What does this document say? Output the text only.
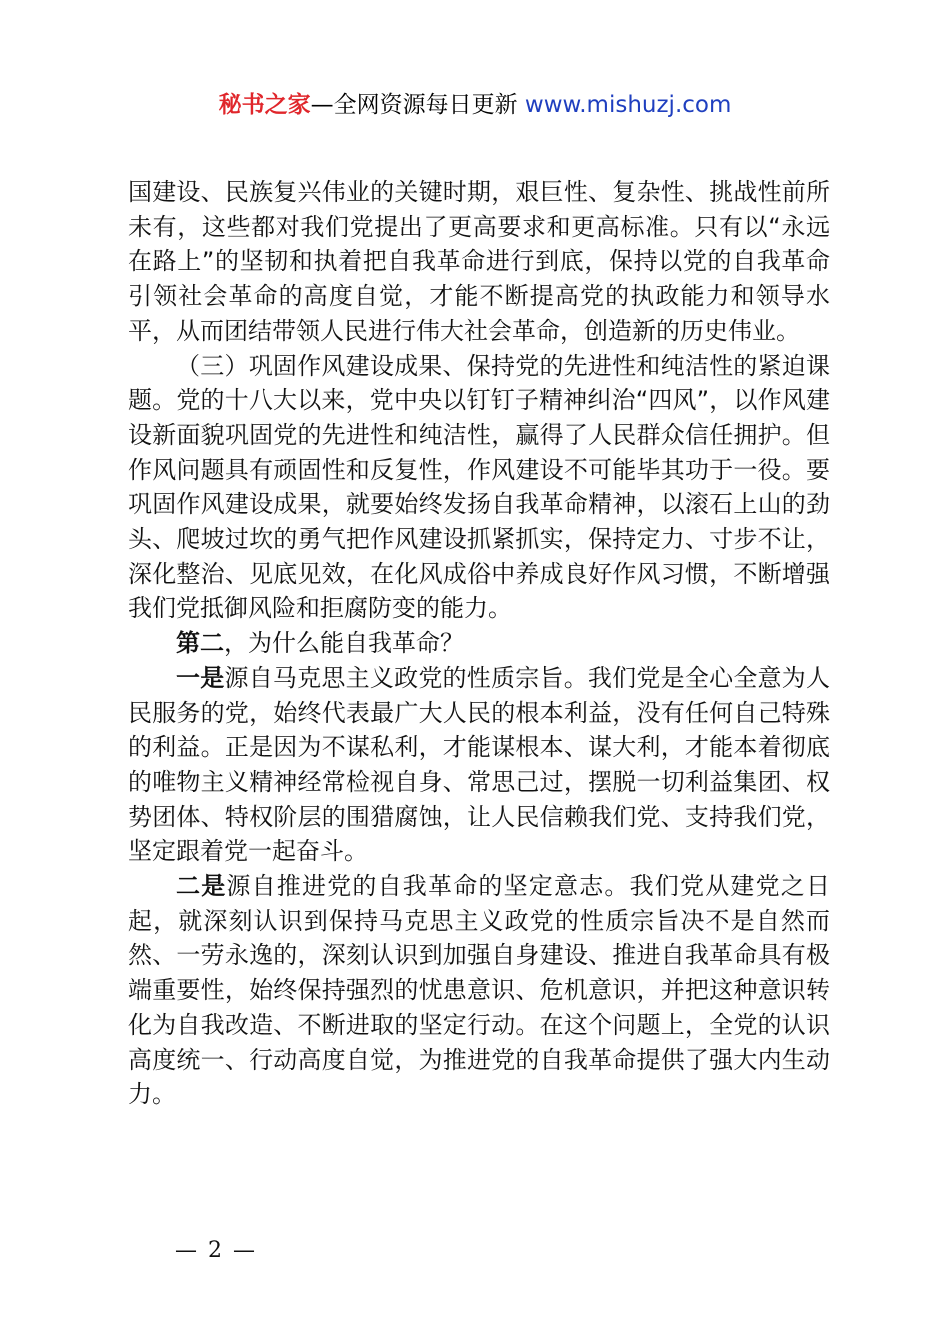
秘书之家—全网资源每日更新 www.mishuzj.com

国建设、民族复兴伟业的关键时期，艰巨性、复杂性、挑战性前所未有，这些都对我们党提出了更高要求和更高标准。只有以“永远在路上”的坚韧和执着把自我革命进行到底，保持以党的自我革命引领社会革命的高度自觉，才能不断提高党的执政能力和领导水平，从而团结带领人民进行伟大社会革命，创造新的历史伟业。

（三）巩固作风建设成果、保持党的先进性和纯洁性的紧迫课题。党的十八大以来，党中央以钉钉子精神纠治“四风”，以作风建设新面貌巩固党的先进性和纯洁性，赢得了人民群众信任拥护。但作风问题具有顽固性和反复性，作风建设不可能毕其功于一役。要巩固作风建设成果，就要始终发扬自我革命精神，以滚石上山的劲头、爬坡过坎的勇气把作风建设抓紧抓实，保持定力、寸步不让，深化整治、见底见效，在化风成俗中养成良好作风习惯，不断增强我们党抵御风险和拒腐防变的能力。

第二，为什么能自我革命？

一是源自马克思主义政党的性质宗旨。我们党是全心全意为人民服务的党，始终代表最广大人民的根本利益，没有任何自己特殊的利益。正是因为不谋私利，才能谋根本、谋大利，才能本着彻底的唯物主义精神经常检视自身、常思己过，摆脱一切利益集团、权势团体、特权阶层的围猎腐蚀，让人民信赖我们党、支持我们党，坚定跟着党一起奋斗。

二是源自推进党的自我革命的坚定意志。我们党从建党之日起，就深刻认识到保持马克思主义政党的性质宗旨决不是自然而然、一劳永逸的，深刻认识到加强自身建设、推进自我革命具有极端重要性，始终保持强烈的忧患意识、危机意识，并把这种意识转化为自我改造、不断进取的坚定行动。在这个问题上，全党的认识高度统一、行动高度自觉，为推进党的自我革命提供了强大内生动力。

— 2 —
